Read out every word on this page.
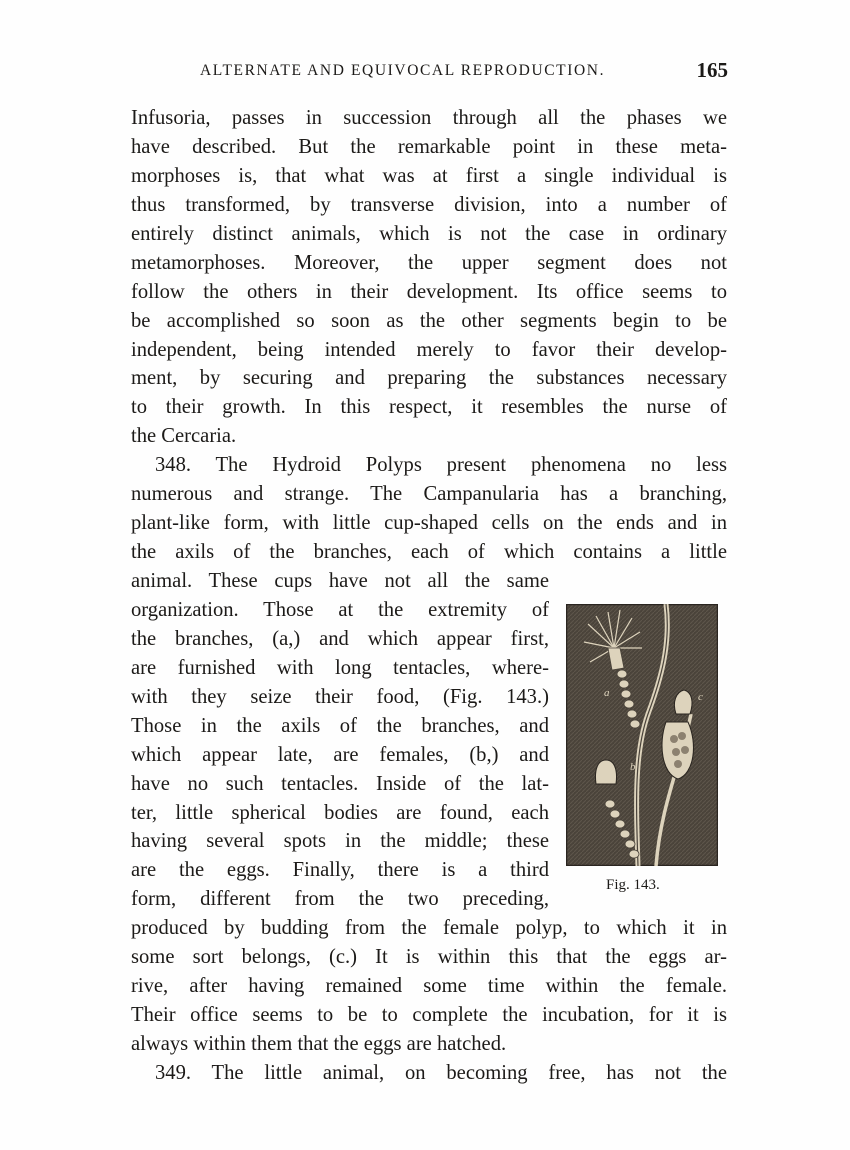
ALTERNATE AND EQUIVOCAL REPRODUCTION.	165
Infusoria, passes in succession through all the phases we
have described. But the remarkable point in these meta-
morphoses is, that what was at first a single individual is
thus transformed, by transverse division, into a number of
entirely distinct animals, which is not the case in ordinary
metamorphoses. Moreover, the upper segment does not
follow the others in their development. Its office seems to
be accomplished so soon as the other segments begin to be
independent, being intended merely to favor their develop-
ment, by securing and preparing the substances necessary
to their growth. In this respect, it resembles the nurse of
the Cercaria.
348. The Hydroid Polyps present phenomena no less
numerous and strange. The Campanularia has a branching,
plant-like form, with little cup-shaped cells on the ends and in
the axils of the branches, each of which contains a little
animal. These cups have not all the same
organization. Those at the extremity of
the branches, (a,) and which appear first,
are furnished with long tentacles, where-
with they seize their food, (Fig. 143.)
Those in the axils of the branches, and
which appear late, are females, (b,) and
have no such tentacles. Inside of the lat-
ter, little spherical bodies are found, each
having several spots in the middle; these
are the eggs. Finally, there is a third
form, different from the two preceding,
produced by budding from the female polyp, to which it in
some sort belongs, (c.) It is within this that the eggs ar-
rive, after having remained some time within the female.
Their office seems to be to complete the incubation, for it is
always within them that the eggs are hatched.
349. The little animal, on becoming free, has not the
a
b
c
Fig. 143.
